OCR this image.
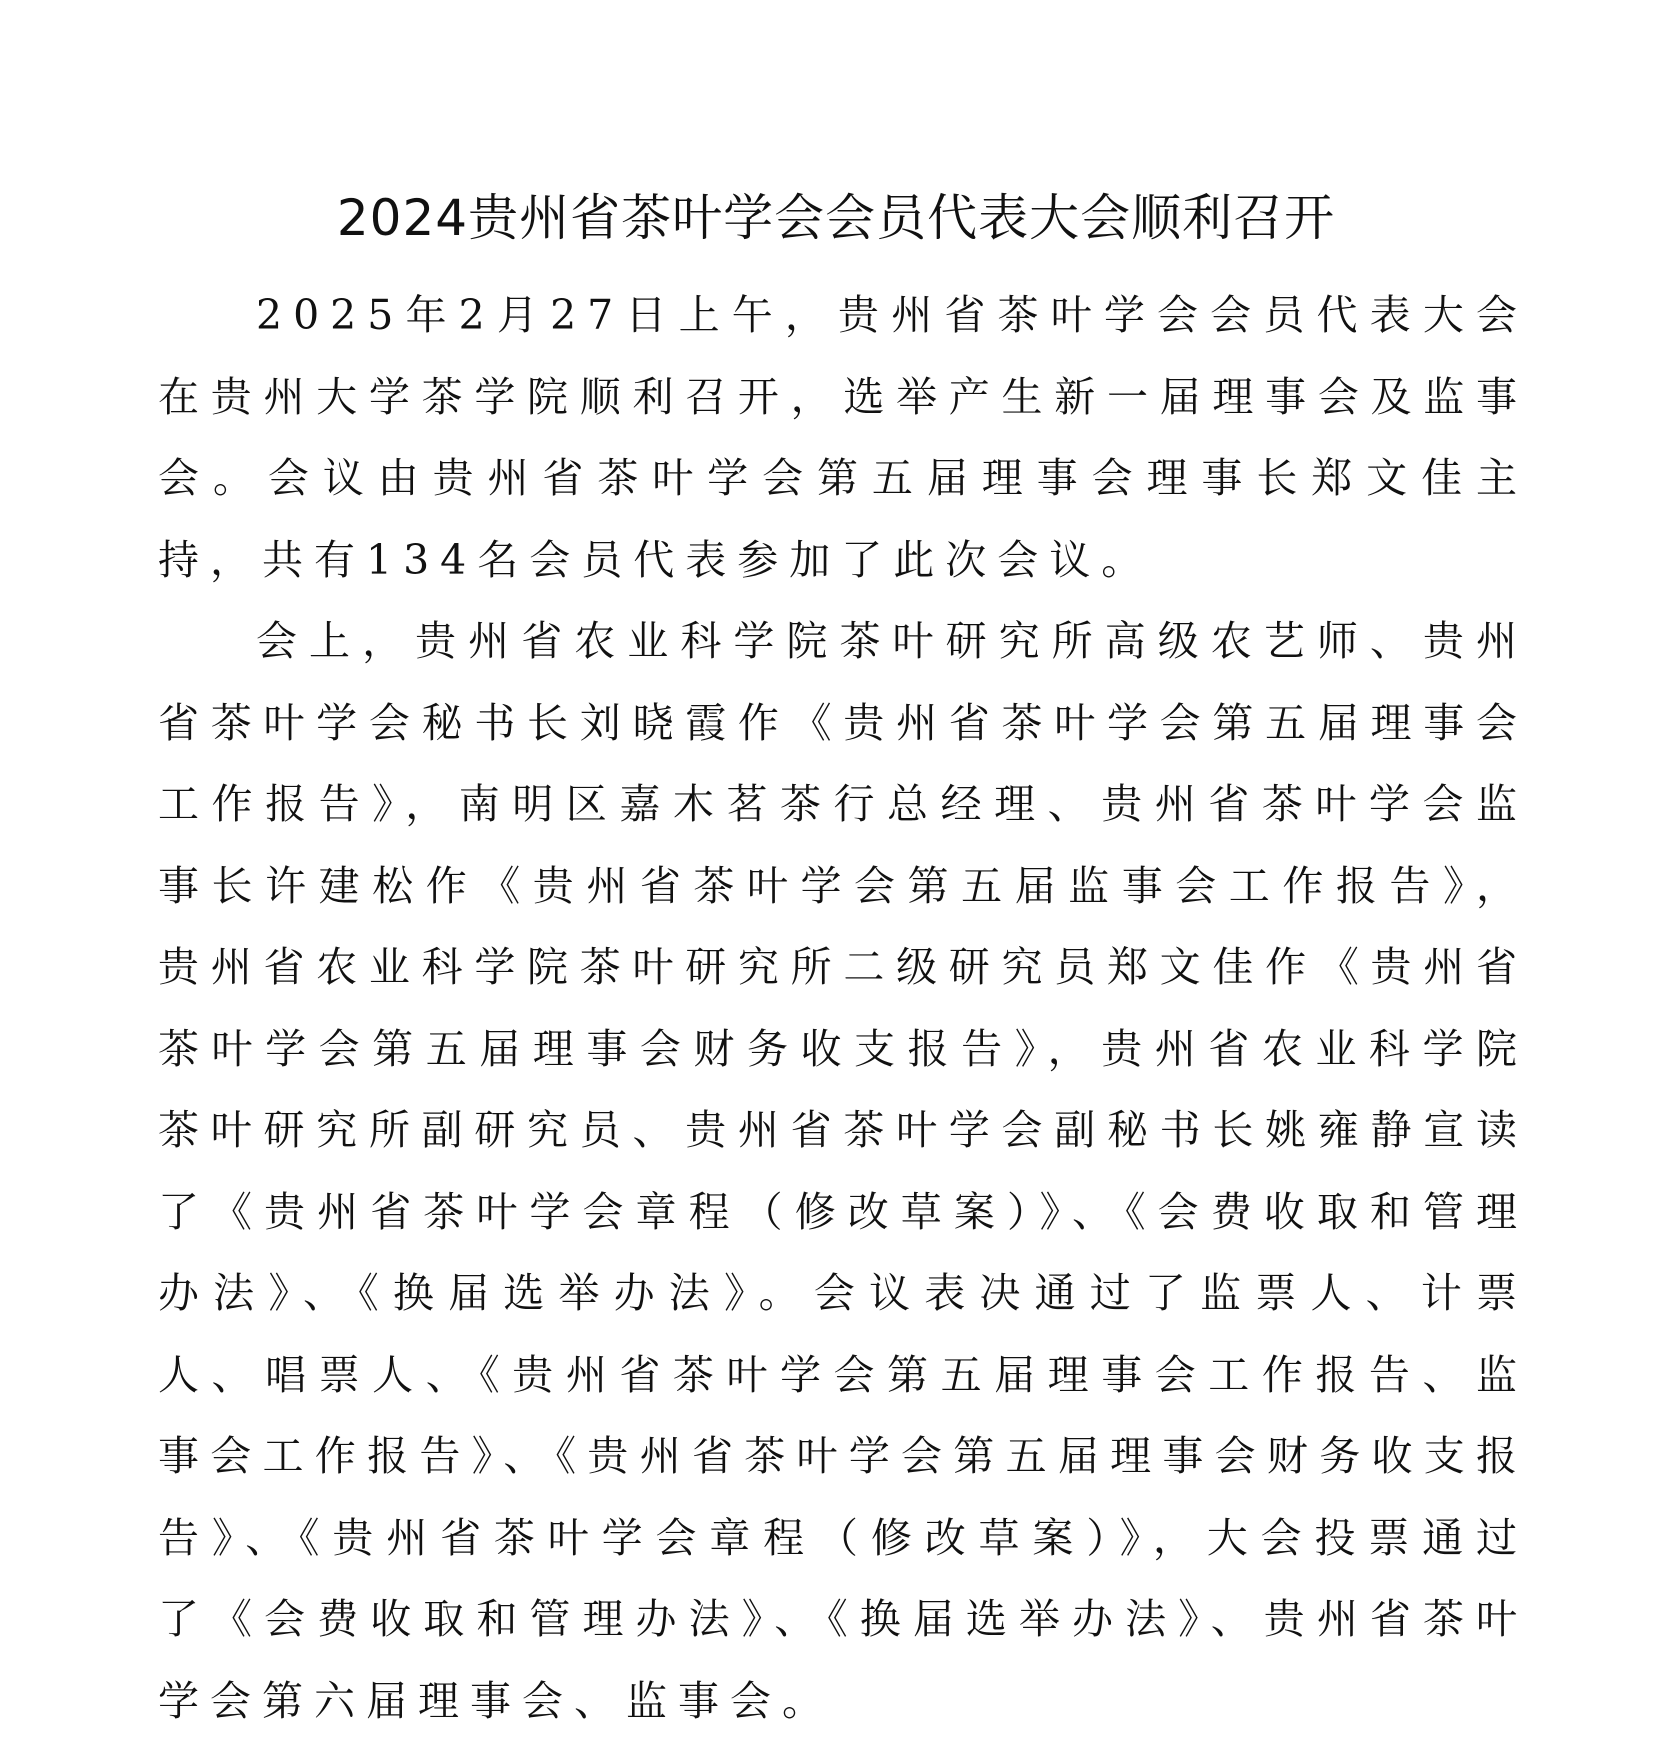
2024贵州省茶叶学会会员代表大会顺利召开

2025年2月27日上午，贵州省茶叶学会会员代表大会在贵州大学茶学院顺利召开，选举产生新一届理事会及监事会。会议由贵州省茶叶学会第五届理事会理事长郑文佳主持，共有134名会员代表参加了此次会议。

会上，贵州省农业科学院茶叶研究所高级农艺师、贵州省茶叶学会秘书长刘晓霞作《贵州省茶叶学会第五届理事会工作报告》，南明区嘉木茗茶行总经理、贵州省茶叶学会监事长许建松作《贵州省茶叶学会第五届监事会工作报告》，贵州省农业科学院茶叶研究所二级研究员郑文佳作《贵州省茶叶学会第五届理事会财务收支报告》，贵州省农业科学院茶叶研究所副研究员、贵州省茶叶学会副秘书长姚雍静宣读了《贵州省茶叶学会章程（修改草案）》、《会费收取和管理办法》、《换届选举办法》。会议表决通过了监票人、计票人、唱票人、《贵州省茶叶学会第五届理事会工作报告、监事会工作报告》、《贵州省茶叶学会第五届理事会财务收支报告》、《贵州省茶叶学会章程（修改草案）》，大会投票通过了《会费收取和管理办法》、《换届选举办法》、贵州省茶叶学会第六届理事会、监事会。
